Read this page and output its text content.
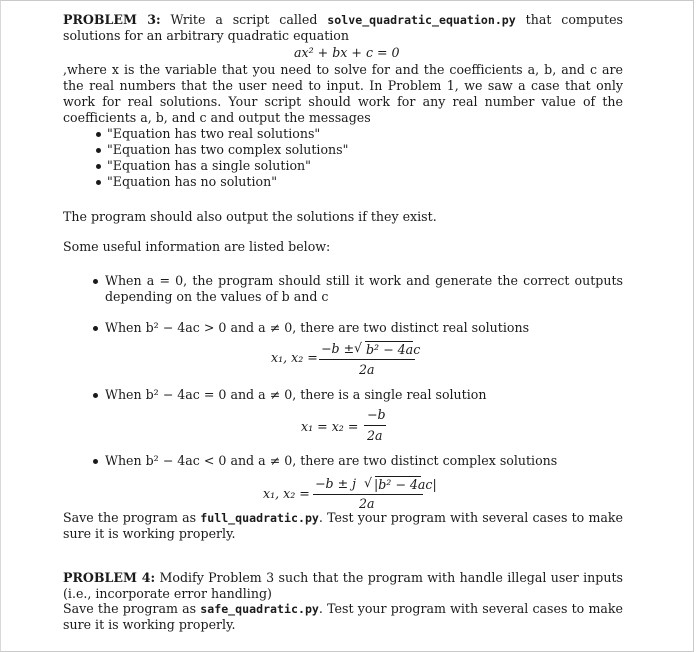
PROBLEM 3: Write a script called solve_quadratic_equation.py that computes solutions for an arbitrary quadratic equation
ax² + bx + c = 0
,where x is the variable that you need to solve for and the coefficients a, b, and c are the real numbers that the user need to input. In Problem 1, we saw a case that only work for real solutions. Your script should work for any real number value of the coefficients a, b, and c and output the messages
"Equation has two real solutions"
"Equation has two complex solutions"
"Equation has a single solution"
"Equation has no solution"
The program should also output the solutions if they exist.
Some useful information are listed below:
When a = 0, the program should still it work and generate the correct outputs depending on the values of b and c
When b² − 4ac > 0 and a ≠ 0, there are two distinct real solutions
x₁, x₂ =
−b ± √ b² − 4ac
2a
When b² − 4ac = 0 and a ≠ 0, there is a single real solution
x₁ = x₂ =
−b
2a
When b² − 4ac < 0 and a ≠ 0, there are two distinct complex solutions
x₁, x₂ =
−b ± j √ |b² − 4ac|
2a
Save the program as full_quadratic.py. Test your program with several cases to make sure it is working properly.
PROBLEM 4: Modify Problem 3 such that the program with handle illegal user inputs (i.e., incorporate error handling)
Save the program as safe_quadratic.py. Test your program with several cases to make sure it is working properly.
